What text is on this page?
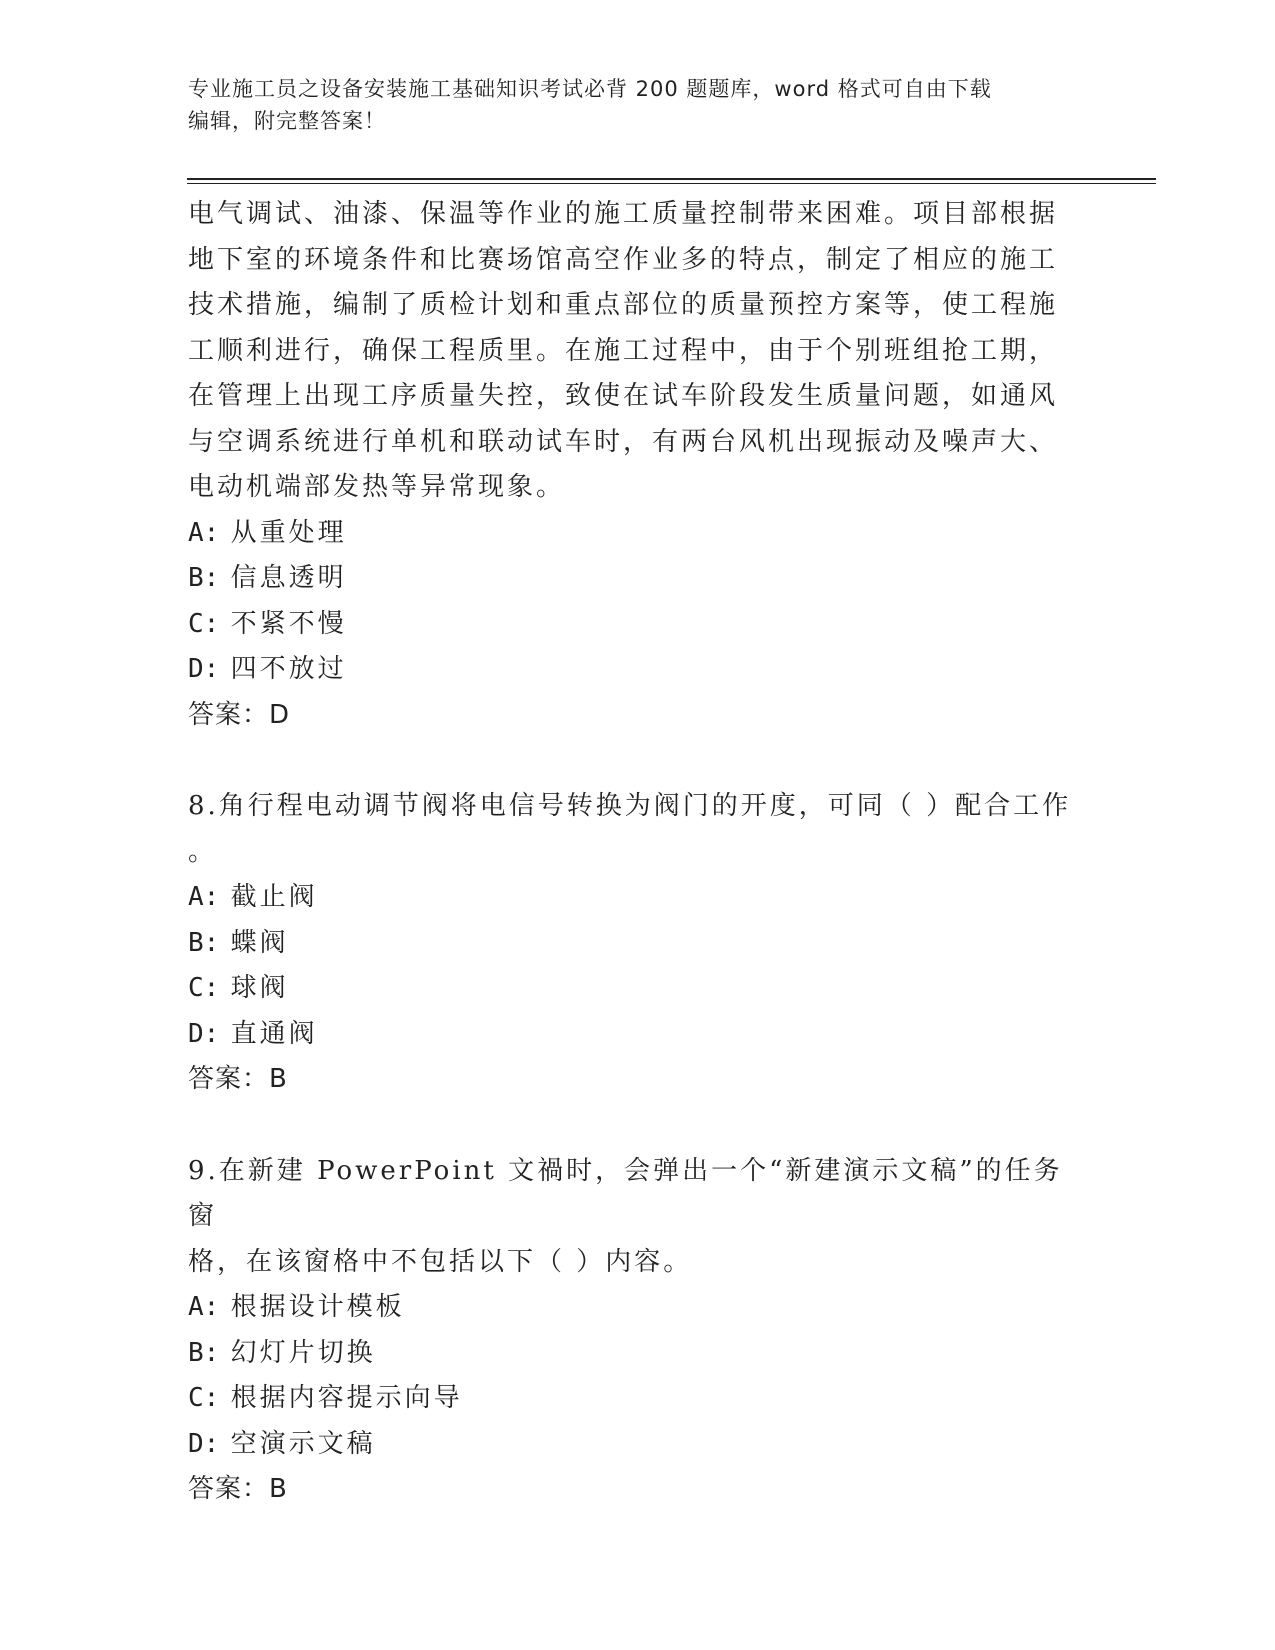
专业施工员之设备安装施工基础知识考试必背 200 题题库，word 格式可自由下载
编辑，附完整答案！

电气调试、油漆、保温等作业的施工质量控制带来困难。项目部根据

地下室的环境条件和比赛场馆高空作业多的特点，制定了相应的施工

技术措施，编制了质检计划和重点部位的质量预控方案等，使工程施

工顺利进行，确保工程质里。在施工过程中，由于个别班组抢工期，

在管理上出现工序质量失控，致使在试车阶段发生质量问题，如通风

与空调系统进行单机和联动试车时，有两台风机出现振动及噪声大、

电动机端部发热等异常现象。

A: 从重处理

B: 信息透明

C: 不紧不慢

D: 四不放过

答案：D

8.角行程电动调节阀将电信号转换为阀门的开度，可同（ ）配合工作

。

A: 截止阀

B: 蝶阀

C: 球阀

D: 直通阀

答案：B

9.在新建 PowerPoint 文禍时，会弹出一个“新建演示文稿”的任务窗

格，在该窗格中不包括以下（ ）内容。

A: 根据设计模板

B: 幻灯片切换

C: 根据内容提示向导

D: 空演示文稿

答案：B
